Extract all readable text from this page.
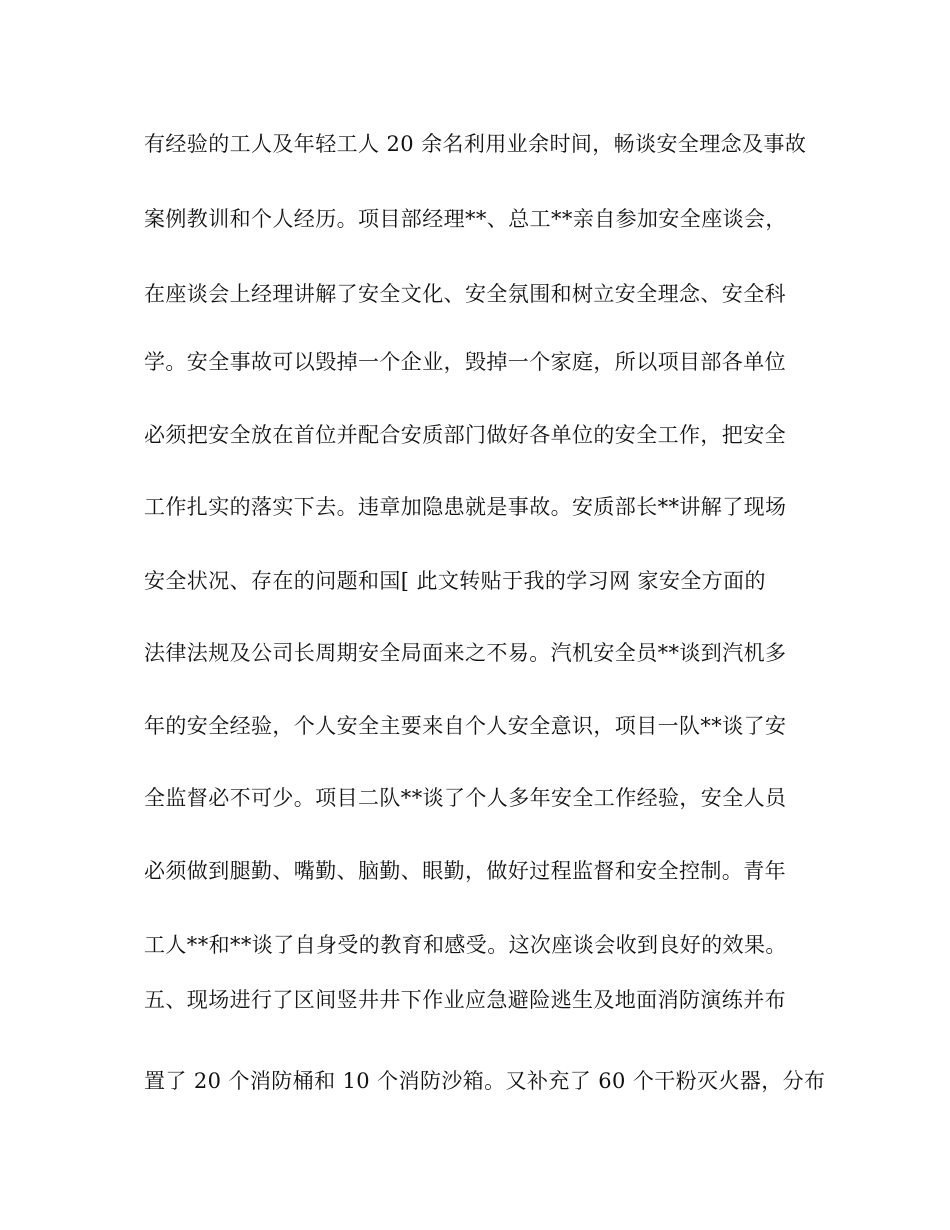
有经验的工人及年轻工人 20 余名利用业余时间，畅谈安全理念及事故
案例教训和个人经历。项目部经理**、总工**亲自参加安全座谈会，
在座谈会上经理讲解了安全文化、安全氛围和树立安全理念、安全科
学。安全事故可以毁掉一个企业，毁掉一个家庭，所以项目部各单位
必须把安全放在首位并配合安质部门做好各单位的安全工作，把安全
工作扎实的落实下去。违章加隐患就是事故。安质部长**讲解了现场
安全状况、存在的问题和国[ 此文转贴于我的学习网 家安全方面的
法律法规及公司长周期安全局面来之不易。汽机安全员**谈到汽机多
年的安全经验，个人安全主要来自个人安全意识，项目一队**谈了安
全监督必不可少。项目二队**谈了个人多年安全工作经验，安全人员
必须做到腿勤、嘴勤、脑勤、眼勤，做好过程监督和安全控制。青年
工人**和**谈了自身受的教育和感受。这次座谈会收到良好的效果。
五、现场进行了区间竖井井下作业应急避险逃生及地面消防演练并布
置了 20 个消防桶和 10 个消防沙箱。又补充了 60 个干粉灭火器，分布
